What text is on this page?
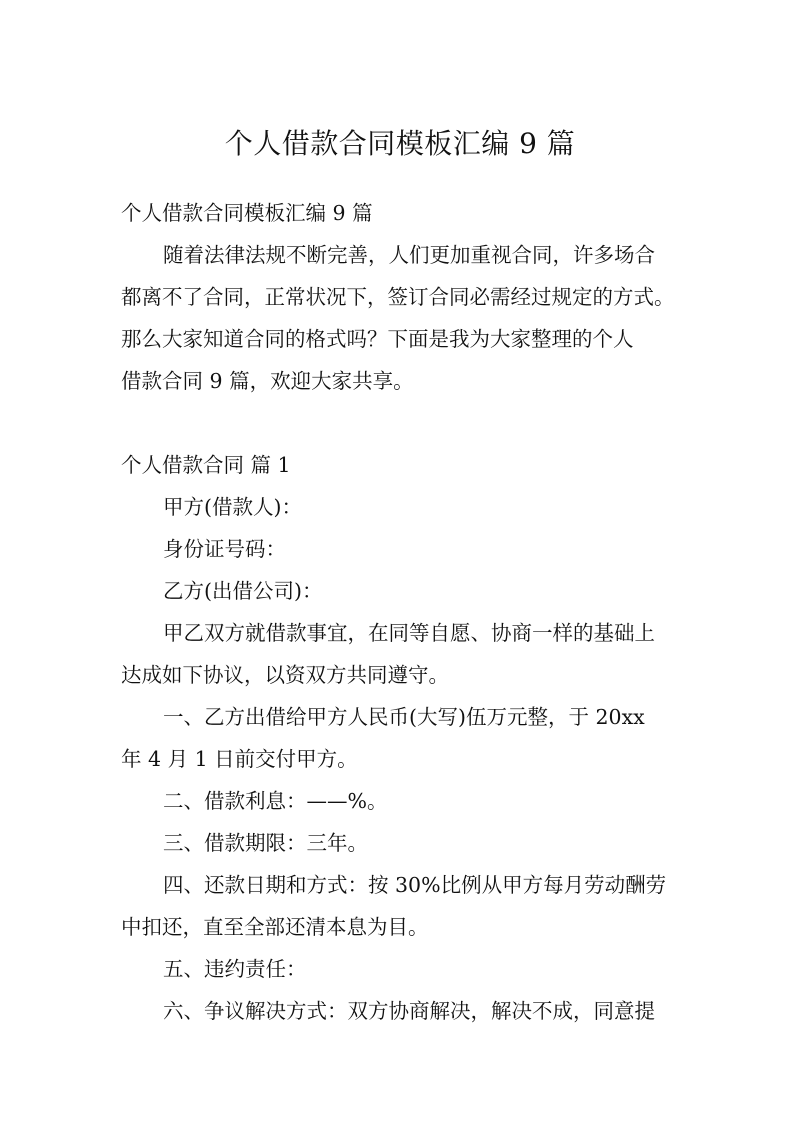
个人借款合同模板汇编 9 篇
个人借款合同模板汇编 9 篇
随着法律法规不断完善，人们更加重视合同，许多场合
都离不了合同，正常状况下，签订合同必需经过规定的方式。
那么大家知道合同的格式吗？下面是我为大家整理的个人
借款合同 9 篇，欢迎大家共享。
个人借款合同 篇 1
甲方(借款人)：
身份证号码：
乙方(出借公司)：
甲乙双方就借款事宜，在同等自愿、协商一样的基础上
达成如下协议，以资双方共同遵守。
一、乙方出借给甲方人民币(大写)伍万元整，于 20xx
年 4 月 1 日前交付甲方。
二、借款利息：——%。
三、借款期限：三年。
四、还款日期和方式：按 30%比例从甲方每月劳动酬劳
中扣还，直至全部还清本息为目。
五、违约责任：
六、争议解决方式：双方协商解决，解决不成，同意提
